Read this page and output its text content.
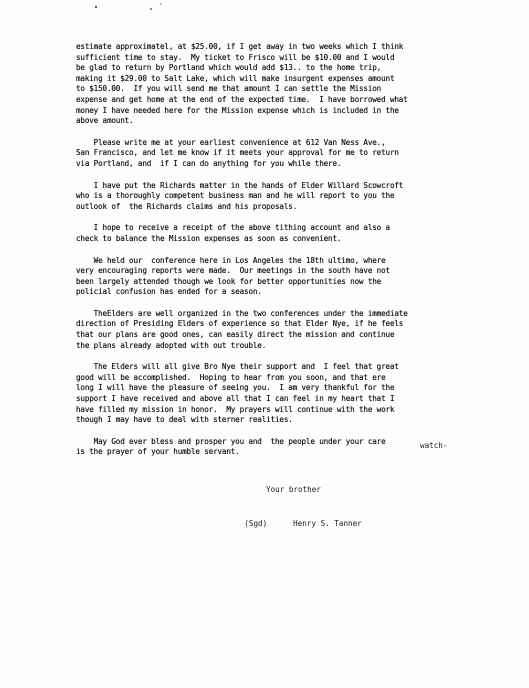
estimate approximatel, at $25.00, if I get away in two weeks which I think
sufficient time to stay.  My ticket to Frisco will be $10.00 and I would
be glad to return by Portland which would add $13.. to the home trip,
making it $29.00 to Salt Lake, which will make insurgent expenses amount
to $150.00.  If you will send me that amount I can settle the Mission
expense and get home at the end of the expected time.  I have borrowed what
money I have needed here for the Mission expense which is included in the
above amount.
Please write me at your earliest convenience at 612 Van Ness Ave.,
San Francisco, and let me know if it meets your approval for me to return
via Portland, and  if I can do anything for you while there.
I have put the Richards matter in the hands of Elder Willard Scowcroft
who is a thoroughly competent business man and he will report to you the
outlook of  the Richards claims and his proposals.
I hope to receive a receipt of the above tithing account and also a
check to balance the Mission expenses as soon as convenient.
We held our  conference here in Los Angeles the 18th ultimo, where
very encouraging reports were made.  Our meetings in the south have not
been largely attended though we look for better opportunities now the
policial confusion has ended for a season.
TheElders are well organized in the two conferences under the immediate
direction of Presiding Elders of experience so that Elder Nye, if he feels
that our plans are good ones, can easily direct the mission and continue
the plans already adopted with out trouble.
The Elders will all give Bro Nye their support and  I feel that great
good will be accomplished.  Hoping to hear from you soon, and that ere
long I will have the pleasure of seeing you.  I am very thankful for the
support I have received and above all that I can feel in my heart that I
have filled my mission in honor.  My prayers will continue with the work
though I may have to deal with sterner realities.
May God ever bless and prosper you and  the people under your care
is the prayer of your humble servant.
watch-
Your brother

(Sgd)	Henry S. Tanner
